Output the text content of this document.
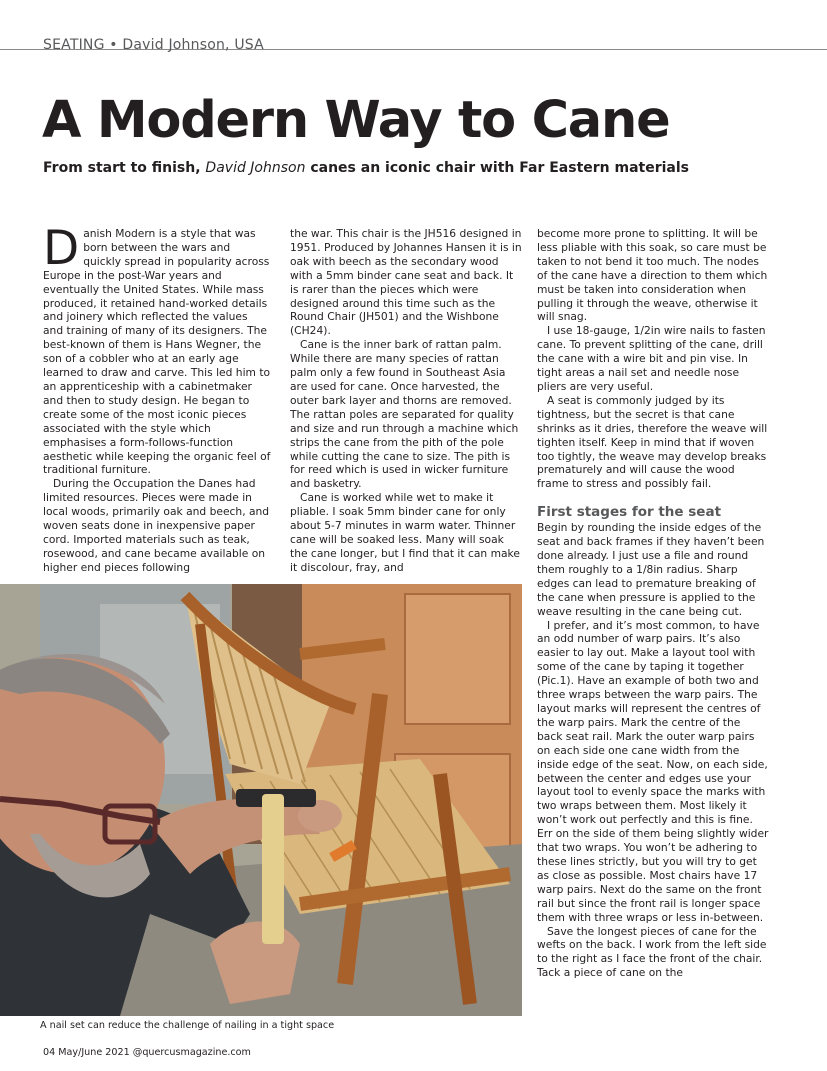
SEATING • David Johnson, USA
A Modern Way to Cane

From start to finish, David Johnson canes an iconic chair with Far Eastern materials

Danish Modern is a style that was born between the wars and quickly spread in popularity across Europe in the post-War years and eventually the United States. While mass produced, it retained hand-worked details and joinery which reflected the values and training of many of its designers. The best-known of them is Hans Wegner, the son of a cobbler who at an early age learned to draw and carve. This led him to an apprenticeship with a cabinetmaker and then to study design. He began to create some of the most iconic pieces associated with the style which emphasises a form-follows-function aesthetic while keeping the organic feel of traditional furniture.

During the Occupation the Danes had limited resources. Pieces were made in local woods, primarily oak and beech, and woven seats done in inexpensive paper cord. Imported materials such as teak, rosewood, and cane became available on higher end pieces following

the war. This chair is the JH516 designed in 1951. Produced by Johannes Hansen it is in oak with beech as the secondary wood with a 5mm binder cane seat and back. It is rarer than the pieces which were designed around this time such as the Round Chair (JH501) and the Wishbone (CH24).

Cane is the inner bark of rattan palm. While there are many species of rattan palm only a few found in Southeast Asia are used for cane. Once harvested, the outer bark layer and thorns are removed. The rattan poles are separated for quality and size and run through a machine which strips the cane from the pith of the pole while cutting the cane to size. The pith is for reed which is used in wicker furniture and basketry.

Cane is worked while wet to make it pliable. I soak 5mm binder cane for only about 5-7 minutes in warm water. Thinner cane will be soaked less. Many will soak the cane longer, but I find that it can make it discolour, fray, and

become more prone to splitting. It will be less pliable with this soak, so care must be taken to not bend it too much. The nodes of the cane have a direction to them which must be taken into consideration when pulling it through the weave, otherwise it will snag.

I use 18-gauge, 1/2in wire nails to fasten cane. To prevent splitting of the cane, drill the cane with a wire bit and pin vise. In tight areas a nail set and needle nose pliers are very useful.

A seat is commonly judged by its tightness, but the secret is that cane shrinks as it dries, therefore the weave will tighten itself. Keep in mind that if woven too tightly, the weave may develop breaks prematurely and will cause the wood frame to stress and possibly fail.

First stages for the seat

Begin by rounding the inside edges of the seat and back frames if they haven’t been done already. I just use a file and round them roughly to a 1/8in radius. Sharp edges can lead to premature breaking of the cane when pressure is applied to the weave resulting in the cane being cut.

I prefer, and it’s most common, to have an odd number of warp pairs. It’s also easier to lay out. Make a layout tool with some of the cane by taping it together (Pic.1). Have an example of both two and three wraps between the warp pairs. The layout marks will represent the centres of the warp pairs. Mark the centre of the back seat rail. Mark the outer warp pairs on each side one cane width from the inside edge of the seat. Now, on each side, between the center and edges use your layout tool to evenly space the marks with two wraps between them. Most likely it won’t work out perfectly and this is fine. Err on the side of them being slightly wider that two wraps. You won’t be adhering to these lines strictly, but you will try to get as close as possible. Most chairs have 17 warp pairs. Next do the same on the front rail but since the front rail is longer space them with three wraps or less in-between.

Save the longest pieces of cane for the wefts on the back. I work from the left side to the right as I face the front of the chair. Tack a piece of cane on the

A nail set can reduce the challenge of nailing in a tight space
04 May/June 2021 @quercusmagazine.com
